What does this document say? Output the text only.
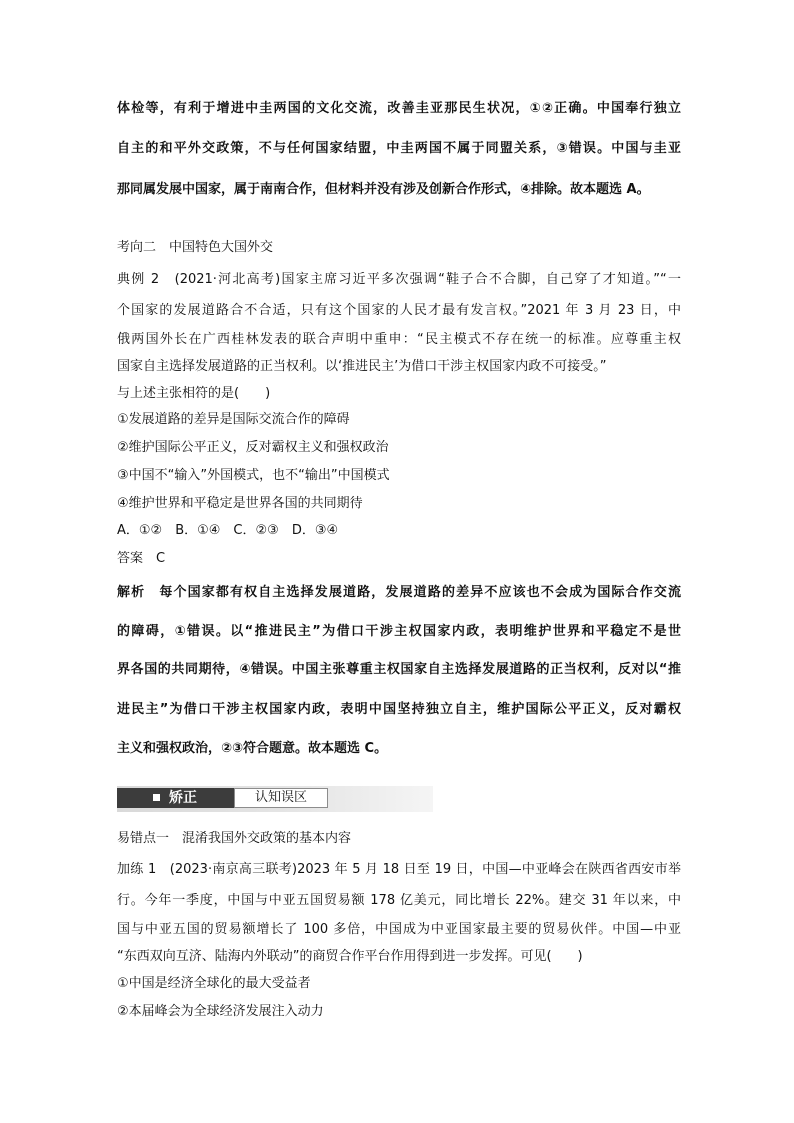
体检等，有利于增进中圭两国的文化交流，改善圭亚那民生状况，①②正确。中国奉行独立
自主的和平外交政策，不与任何国家结盟，中圭两国不属于同盟关系，③错误。中国与圭亚
那同属发展中国家，属于南南合作，但材料并没有涉及创新合作形式，④排除。故本题选 A。
考向二　中国特色大国外交
典例 2　(2021·河北高考)国家主席习近平多次强调“鞋子合不合脚，自己穿了才知道。”“一
个国家的发展道路合不合适，只有这个国家的人民才最有发言权。”2021 年 3 月 23 日，中
俄两国外长在广西桂林发表的联合声明中重申：“民主模式不存在统一的标准。应尊重主权
国家自主选择发展道路的正当权利。以‘推进民主’为借口干涉主权国家内政不可接受。”
与上述主张相符的是(　　)
①发展道路的差异是国际交流合作的障碍
②维护国际公平正义，反对霸权主义和强权政治
③中国不“输入”外国模式，也不“输出”中国模式
④维护世界和平稳定是世界各国的共同期待
A．①②　B．①④　C．②③　D．③④
答案　C
解析　每个国家都有权自主选择发展道路，发展道路的差异不应该也不会成为国际合作交流
的障碍，①错误。以“推进民主”为借口干涉主权国家内政，表明维护世界和平稳定不是世
界各国的共同期待，④错误。中国主张尊重主权国家自主选择发展道路的正当权利，反对以“推
进民主”为借口干涉主权国家内政，表明中国坚持独立自主，维护国际公平正义，反对霸权
主义和强权政治，②③符合题意。故本题选 C。
矫正	认知误区
易错点一　混淆我国外交政策的基本内容
加练 1　(2023·南京高三联考)2023 年 5 月 18 日至 19 日，中国—中亚峰会在陕西省西安市举
行。今年一季度，中国与中亚五国贸易额 178 亿美元，同比增长 22%。建交 31 年以来，中
国与中亚五国的贸易额增长了 100 多倍，中国成为中亚国家最主要的贸易伙伴。中国—中亚
“东西双向互济、陆海内外联动”的商贸合作平台作用得到进一步发挥。可见(　　)
①中国是经济全球化的最大受益者
②本届峰会为全球经济发展注入动力
